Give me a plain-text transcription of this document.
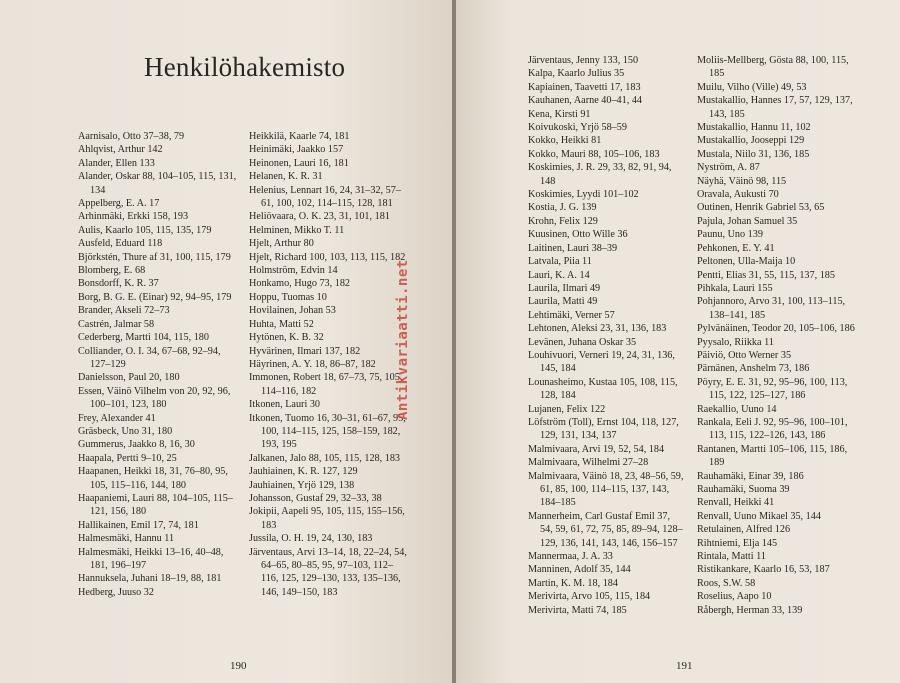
Henkilöhakemisto
Aarnisalo, Otto 37–38, 79
Ahlqvist, Arthur 142
Alander, Ellen 133
Alander, Oskar 88, 104–105, 115, 131, 134
Appelberg, E. A. 17
Arhinmäki, Erkki 158, 193
Aulis, Kaarlo 105, 115, 135, 179
Ausfeld, Eduard 118
Björkstén, Thure af 31, 100, 115, 179
Blomberg, E. 68
Bonsdorff, K. R. 37
Borg, B. G. E. (Einar) 92, 94–95, 179
Brander, Akseli 72–73
Castrén, Jalmar 58
Cederberg, Martti 104, 115, 180
Colliander, O. I. 34, 67–68, 92–94, 127–129
Danielsson, Paul 20, 180
Essen, Väinö Vilhelm von 20, 92, 96, 100–101, 123, 180
Frey, Alexander 41
Gräsbeck, Uno 31, 180
Gummerus, Jaakko 8, 16, 30
Haapala, Pertti 9–10, 25
Haapanen, Heikki 18, 31, 76–80, 95, 105, 115–116, 144, 180
Haapaniemi, Lauri 88, 104–105, 115–121, 156, 180
Hallikainen, Emil 17, 74, 181
Halmesmäki, Hannu 11
Halmesmäki, Heikki 13–16, 40–48, 181, 196–197
Hannuksela, Juhani 18–19, 88, 181
Hedberg, Juuso 32
Heikkilä, Kaarle 74, 181
Heinimäki, Jaakko 157
Heinonen, Lauri 16, 181
Helanen, K. R. 31
Helenius, Lennart 16, 24, 31–32, 57–61, 100, 102, 114–115, 128, 181
Heliövaara, O. K. 23, 31, 101, 181
Helminen, Mikko T. 11
Hjelt, Arthur 80
Hjelt, Richard 100, 103, 113, 115, 182
Holmström, Edvin 14
Honkamo, Hugo 73, 182
Hoppu, Tuomas 10
Hovilainen, Johan 53
Huhta, Matti 52
Hytönen, K. B. 32
Hyvärinen, Ilmari 137, 182
Häyrinen, A. Y. 18, 86–87, 182
Immonen, Robert 18, 67–73, 75, 105, 114–116, 182
Itkonen, Lauri 30
Itkonen, Tuomo 16, 30–31, 61–67, 95, 100, 114–115, 125, 158–159, 182, 193, 195
Jalkanen, Jalo 88, 105, 115, 128, 183
Jauhiainen, K. R. 127, 129
Jauhiainen, Yrjö 129, 138
Johansson, Gustaf 29, 32–33, 38
Jokipii, Aapeli 95, 105, 115, 155–156, 183
Jussila, O. H. 19, 24, 130, 183
Järventaus, Arvi 13–14, 18, 22–24, 54, 64–65, 80–85, 95, 97–103, 112–116, 125, 129–130, 133, 135–136, 146, 149–150, 183
190
Järventaus, Jenny 133, 150
Kalpa, Kaarlo Julius 35
Kapiainen, Taavetti 17, 183
Kauhanen, Aarne 40–41, 44
Kena, Kirsti 91
Koivukoski, Yrjö 58–59
Kokko, Heikki 81
Kokko, Mauri 88, 105–106, 183
Koskimies, J. R. 29, 33, 82, 91, 94, 148
Koskimies, Lyydi 101–102
Kostia, J. G. 139
Krohn, Felix 129
Kuusinen, Otto Wille 36
Laitinen, Lauri 38–39
Latvala, Piia 11
Lauri, K. A. 14
Laurila, Ilmari 49
Laurila, Matti 49
Lehtimäki, Verner 57
Lehtonen, Aleksi 23, 31, 136, 183
Levänen, Juhana Oskar 35
Louhivuori, Verneri 19, 24, 31, 136, 145, 184
Lounasheimo, Kustaa 105, 108, 115, 128, 184
Lujanen, Felix 122
Löfström (Toll), Ernst 104, 118, 127, 129, 131, 134, 137
Malmivaara, Arvi 19, 52, 54, 184
Malmivaara, Wilhelmi 27–28
Malmivaara, Väinö 18, 23, 48–56, 59, 61, 85, 100, 114–115, 137, 143, 184–185
Mannerheim, Carl Gustaf Emil 37, 54, 59, 61, 72, 75, 85, 89–94, 128–129, 136, 141, 143, 146, 156–157
Mannermaa, J. A. 33
Manninen, Adolf 35, 144
Martin, K. M. 18, 184
Merivirta, Arvo 105, 115, 184
Merivirta, Matti 74, 185
Moliis-Mellberg, Gösta 88, 100, 115, 185
Muilu, Vilho (Ville) 49, 53
Mustakallio, Hannes 17, 57, 129, 137, 143, 185
Mustakallio, Hannu 11, 102
Mustakallio, Jooseppi 129
Mustala, Niilo 31, 136, 185
Nyström, A. 87
Näyhä, Väinö 98, 115
Oravala, Aukusti 70
Outinen, Henrik Gabriel 53, 65
Pajula, Johan Samuel 35
Paunu, Uno 139
Pehkonen, E. Y. 41
Peltonen, Ulla-Maija 10
Pentti, Elias 31, 55, 115, 137, 185
Pihkala, Lauri 155
Pohjannoro, Arvo 31, 100, 113–115, 138–141, 185
Pylvänäinen, Teodor 20, 105–106, 186
Pyysalo, Riikka 11
Päiviö, Otto Werner 35
Pärnänen, Anshelm 73, 186
Pöyry, E. E. 31, 92, 95–96, 100, 113, 115, 122, 125–127, 186
Raekallio, Uuno 14
Rankala, Eeli J. 92, 95–96, 100–101, 113, 115, 122–126, 143, 186
Rantanen, Martti 105–106, 115, 186, 189
Rauhamäki, Einar 39, 186
Rauhamäki, Suoma 39
Renvall, Heikki 41
Renvall, Uuno Mikael 35, 144
Retulainen, Alfred 126
Rihtniemi, Elja 145
Rintala, Matti 11
Ristikankare, Kaarlo 16, 53, 187
Roos, S.W. 58
Roselius, Aapo 10
Råbergh, Herman 33, 139
191
Antikvariaatti.net
